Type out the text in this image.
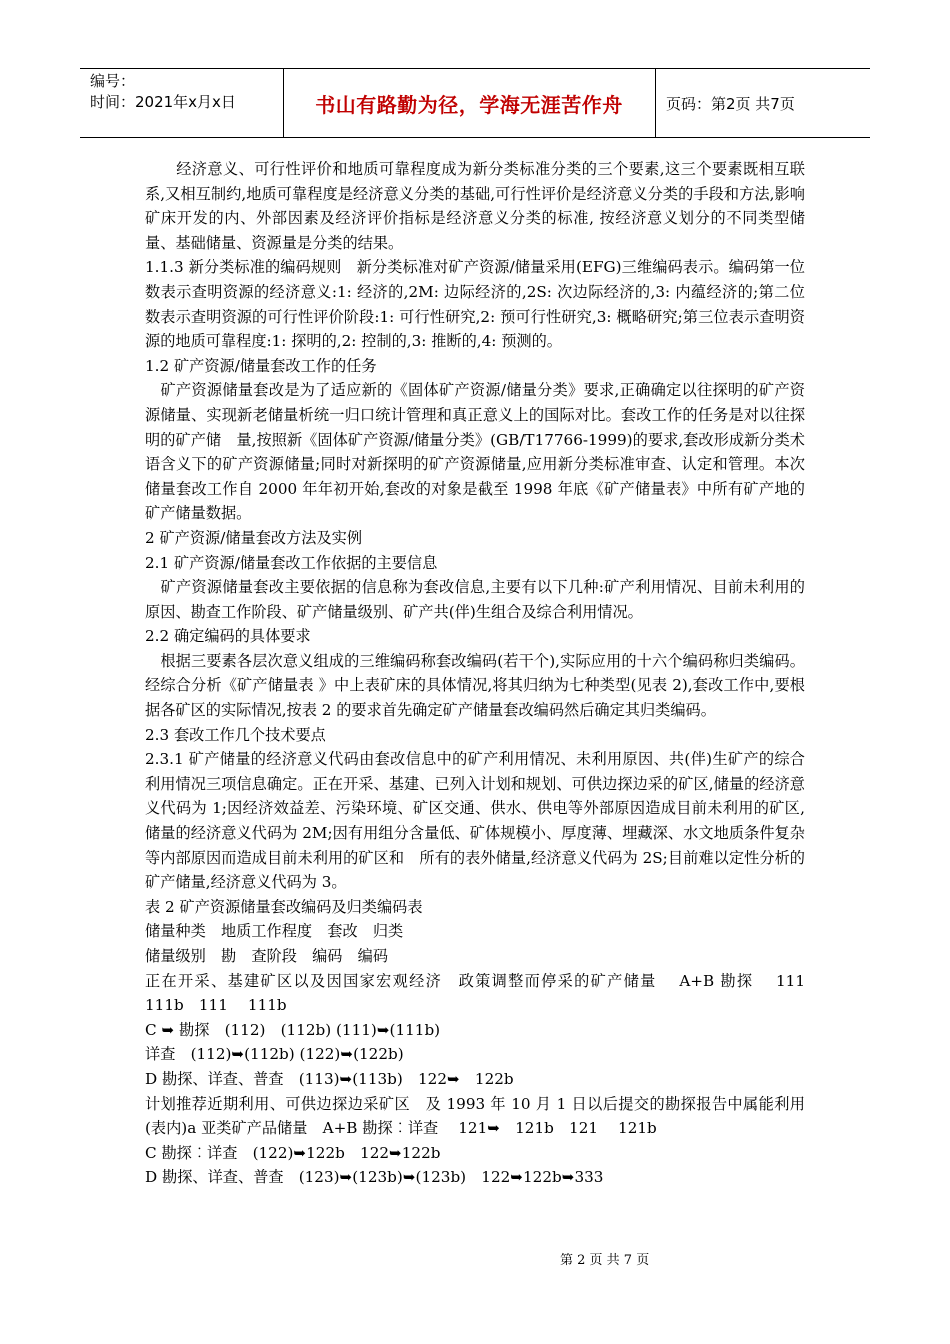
编号：
时间：2021年x月x日	书山有路勤为径，学海无涯苦作舟	页码：第2页 共7页

　　经济意义、可行性评价和地质可靠程度成为新分类标准分类的三个要素,这三个要素既相互联系,又相互制约,地质可靠程度是经济意义分类的基础,可行性评价是经济意义分类的手段和方法,影响矿床开发的内、外部因素及经济评价指标是经济意义分类的标准, 按经济意义划分的不同类型储量、基础储量、资源量是分类的结果。

1.1.3 新分类标准的编码规则　新分类标准对矿产资源/储量采用(EFG)三维编码表示。编码第一位数表示查明资源的经济意义:1: 经济的,2M: 边际经济的,2S: 次边际经济的,3: 内蕴经济的;第二位数表示查明资源的可行性评价阶段:1: 可行性研究,2: 预可行性研究,3: 概略研究;第三位表示查明资源的地质可靠程度:1: 探明的,2: 控制的,3: 推断的,4: 预测的。

1.2 矿产资源/储量套改工作的任务

　矿产资源储量套改是为了适应新的《固体矿产资源/储量分类》要求,正确确定以往探明的矿产资源储量、实现新老储量析统一归口统计管理和真正意义上的国际对比。套改工作的任务是对以往探明的矿产储　量,按照新《固体矿产资源/储量分类》(GB/T17766-1999)的要求,套改形成新分类术语含义下的矿产资源储量;同时对新探明的矿产资源储量,应用新分类标准审查、认定和管理。本次储量套改工作自 2000 年年初开始,套改的对象是截至 1998 年底《矿产储量表》中所有矿产地的矿产储量数据。

2 矿产资源/储量套改方法及实例

2.1 矿产资源/储量套改工作依据的主要信息

　矿产资源储量套改主要依据的信息称为套改信息,主要有以下几种:矿产利用情况、目前未利用的原因、勘查工作阶段、矿产储量级别、矿产共(伴)生组合及综合利用情况。

2.2 确定编码的具体要求

　根据三要素各层次意义组成的三维编码称套改编码(若干个),实际应用的十六个编码称归类编码。经综合分析《矿产储量表 》中上表矿床的具体情况,将其归纳为七种类型(见表 2),套改工作中,要根据各矿区的实际情况,按表 2 的要求首先确定矿产储量套改编码然后确定其归类编码。

2.3 套改工作几个技术要点

2.3.1 矿产储量的经济意义代码由套改信息中的矿产利用情况、未利用原因、共(伴)生矿产的综合利用情况三项信息确定。正在开采、基建、已列入计划和规划、可供边探边采的矿区,储量的经济意义代码为 1;因经济效益差、污染环境、矿区交通、供水、供电等外部原因造成目前未利用的矿区,储量的经济意义代码为 2M;因有用组分含量低、矿体规模小、厚度薄、埋藏深、水文地质条件复杂等内部原因而造成目前未利用的矿区和　所有的表外储量,经济意义代码为 2S;目前难以定性分析的矿产储量,经济意义代码为 3。

表 2 矿产资源储量套改编码及归类编码表

储量种类　地质工作程度　套改　归类

储量级别　勘　查阶段　编码　编码

正在开采、基建矿区以及因国家宏观经济　政策调整而停采的矿产储量　 A+B 勘探　 111　 111b　111　 111b

C ➥ 勘探　(112)　(112b) (111)➥(111b)

详查　(112)➥(112b) (122)➥(122b)

D 勘探、详查、普查　(113)➥(113b)　122➥　122b

计划推荐近期利用、可供边探边采矿区　及 1993 年 10 月 1 日以后提交的勘探报告中属能利用(表内)a 亚类矿产品储量　A+B 勘探︰详查　 121➥　121b　121　 121b

C 勘探︰详查　(122)➥122b　122➥122b

D 勘探、详查、普查　(123)➥(123b)➥(123b)　122➥122b➥333

第 2 页 共 7 页
